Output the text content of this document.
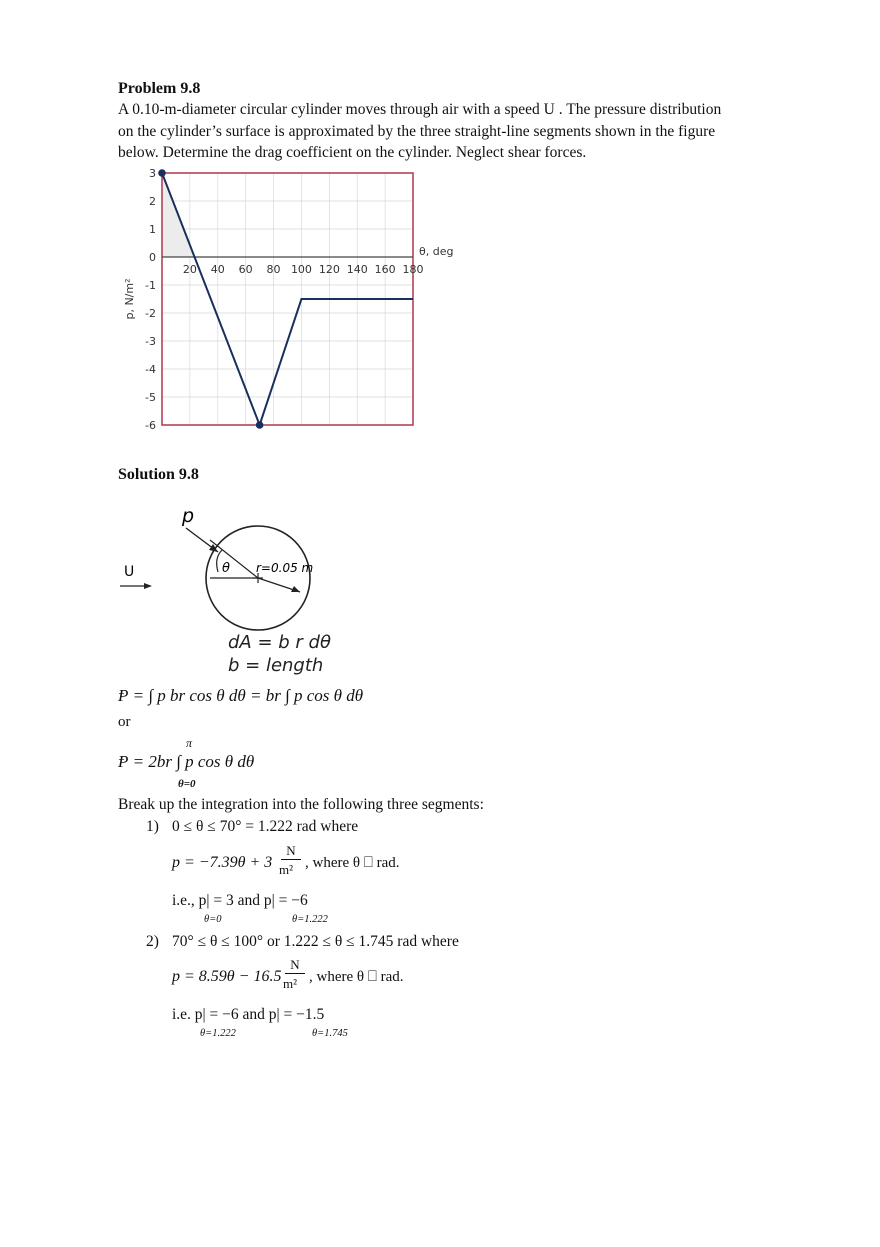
Problem 9.8
A 0.10-m-diameter circular cylinder moves through air with a speed U . The pressure distribution
on the cylinder’s surface is approximated by the three straight-line segments shown in the figure
below. Determine the drag coefficient on the cylinder. Neglect shear forces.
3
2
1
0
-1
-2
-3
-4
-5
-6
20 40 60 80 100 120 140 160 180
θ, deg
p, N/m²
Solution 9.8
p
U	θ r=0.05 m
dA = b r dθ
b = length
Ᵽ = ∫ p br cos θ dθ = br ∫ p cos θ dθ
or
π
Ᵽ = 2br ∫ p cos θ dθ
θ=0
Break up the integration into the following three segments:
1) 0 ≤ θ ≤ 70° = 1.222 rad where
p = −7.39θ + 3
N
m² , where θ ⎕ rad.
i.e., p| = 3 and p| = −6
θ=0	θ=1.222
2) 70° ≤ θ ≤ 100° or 1.222 ≤ θ ≤ 1.745 rad where
p = 8.59θ − 16.5
N
m² , where θ ⎕ rad.
i.e. p| = −6 and p| = −1.5
θ=1.222	θ=1.745
